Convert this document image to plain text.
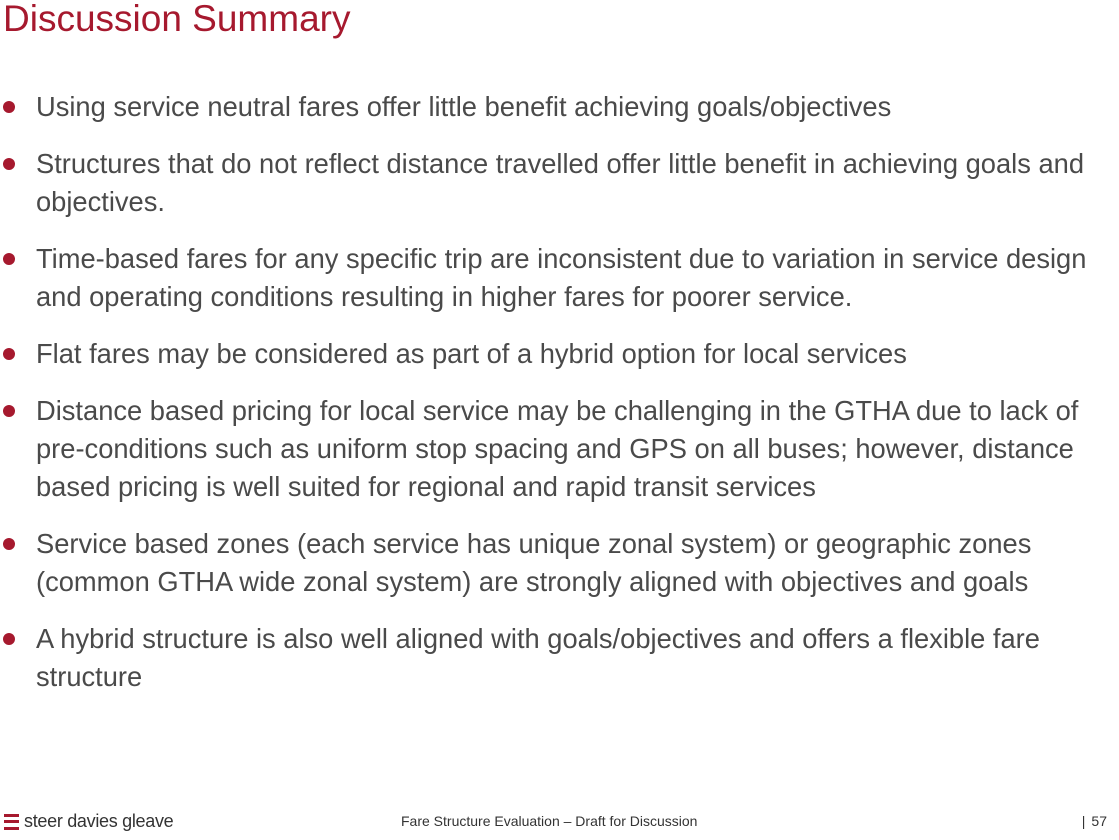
Discussion Summary
Using service neutral fares offer little benefit achieving goals/objectives
Structures that do not reflect distance travelled offer little benefit in achieving goals and objectives.
Time-based fares for any specific trip are inconsistent due to variation in service design and operating conditions resulting in higher fares for poorer service.
Flat fares may be considered as part of a hybrid option for local services
Distance based pricing for local service may be challenging in the GTHA due to lack of pre-conditions such as uniform stop spacing and GPS on all buses; however, distance based pricing is well suited for regional and rapid transit services
Service based zones (each service has unique zonal system) or geographic zones (common GTHA wide zonal system) are strongly aligned with objectives and goals
A hybrid structure is also well aligned with goals/objectives and offers a flexible fare structure
steer davies gleave	Fare Structure Evaluation – Draft for Discussion	| 57
